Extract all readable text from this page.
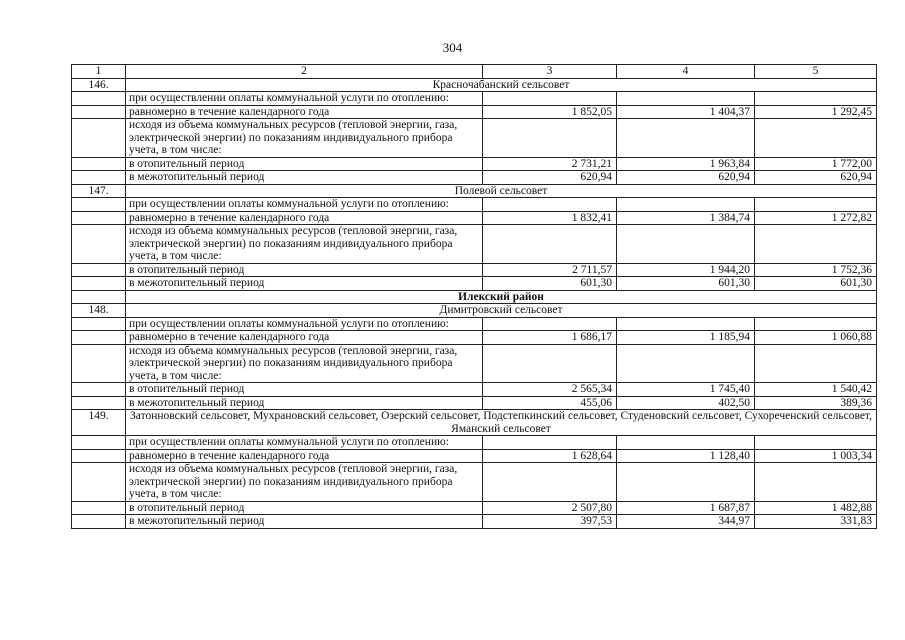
304
1	2	3	4	5
146.	Красночабанский сельсовет			
	при осуществлении оплаты коммунальной услуги по отоплению:			
	равномерно в течение календарного года	1 852,05	1 404,37	1 292,45
	исходя из объема коммунальных ресурсов (тепловой энергии, газа, электрической энергии) по показаниям индивидуального прибора учета, в том числе:			
	в отопительный период	2 731,21	1 963,84	1 772,00
	в межотопительный период	620,94	620,94	620,94
147.	Полевой сельсовет			
	при осуществлении оплаты коммунальной услуги по отоплению:			
	равномерно в течение календарного года	1 832,41	1 384,74	1 272,82
	исходя из объема коммунальных ресурсов (тепловой энергии, газа, электрической энергии) по показаниям индивидуального прибора учета, в том числе:			
	в отопительный период	2 711,57	1 944,20	1 752,36
	в межотопительный период	601,30	601,30	601,30
	Илекский район			
148.	Димитровский сельсовет			
	при осуществлении оплаты коммунальной услуги по отоплению:			
	равномерно в течение календарного года	1 686,17	1 185,94	1 060,88
	исходя из объема коммунальных ресурсов (тепловой энергии, газа, электрической энергии) по показаниям индивидуального прибора учета, в том числе:			
	в отопительный период	2 565,34	1 745,40	1 540,42
	в межотопительный период	455,06	402,50	389,36
149.	Затонновский сельсовет, Мухрановский сельсовет, Озерский сельсовет, Подстепкинский сельсовет, Студеновский сельсовет, Сухореченский сельсовет, Яманский сельсовет			
	при осуществлении оплаты коммунальной услуги по отоплению:			
	равномерно в течение календарного года	1 628,64	1 128,40	1 003,34
	исходя из объема коммунальных ресурсов (тепловой энергии, газа, электрической энергии) по показаниям индивидуального прибора учета, в том числе:			
	в отопительный период	2 507,80	1 687,87	1 482,88
	в межотопительный период	397,53	344,97	331,83
